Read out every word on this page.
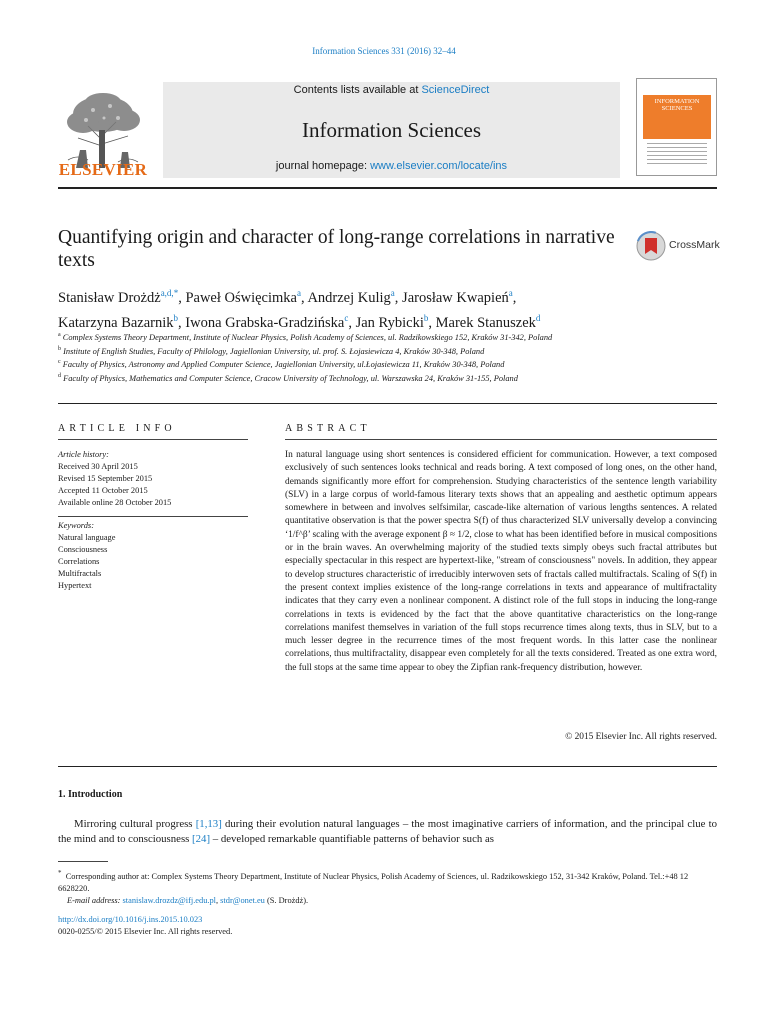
Information Sciences 331 (2016) 32–44
ELSEVIER
Contents lists available at ScienceDirect
Information Sciences
journal homepage: www.elsevier.com/locate/ins
INFORMATION SCIENCES
Quantifying origin and character of long-range correlations in narrative texts
CrossMark
Stanisław Drożdż$^{a,d,*}$, Paweł Oświęcimka$^a$, Andrzej Kulig$^a$, Jarosław Kwapień$^a$,
Katarzyna Bazarnik$^b$, Iwona Grabska-Gradzińska$^c$, Jan Rybicki$^b$, Marek Stanuszek$^d$
$^a$ Complex Systems Theory Department, Institute of Nuclear Physics, Polish Academy of Sciences, ul. Radzikowskiego 152, Kraków 31-342, Poland
$^b$ Institute of English Studies, Faculty of Philology, Jagiellonian University, ul. prof. S. Łojasiewicza 4, Kraków 30-348, Poland
$^c$ Faculty of Physics, Astronomy and Applied Computer Science, Jagiellonian University, ul.Łojasiewicza 11, Kraków 30-348, Poland
$^d$ Faculty of Physics, Mathematics and Computer Science, Cracow University of Technology, ul. Warszawska 24, Kraków 31-155, Poland
ARTICLE INFO
Article history:
Received 30 April 2015
Revised 15 September 2015
Accepted 11 October 2015
Available online 28 October 2015
Keywords:
Natural language
Consciousness
Correlations
Multifractals
Hypertext
ABSTRACT
In natural language using short sentences is considered efficient for communication. However, a text composed exclusively of such sentences looks technical and reads boring. A text composed of long ones, on the other hand, demands significantly more effort for comprehension. Studying characteristics of the sentence length variability (SLV) in a large corpus of world-famous literary texts shows that an appealing and aesthetic optimum appears somewhere in between and involves selfsimilar, cascade-like alternation of various lengths sentences. A related quantitative observation is that the power spectra S(f) of thus characterized SLV universally develop a convincing ‘1/f^β’ scaling with the average exponent β ≈ 1/2, close to what has been identified before in musical compositions or in the brain waves. An overwhelming majority of the studied texts simply obeys such fractal attributes but especially spectacular in this respect are hypertext-like, "stream of consciousness" novels. In addition, they appear to develop structures characteristic of irreducibly interwoven sets of fractals called multifractals. Scaling of S(f) in the present context implies existence of the long-range correlations in texts and appearance of multifractality indicates that they carry even a nonlinear component. A distinct role of the full stops in inducing the long-range correlations in texts is evidenced by the fact that the above quantitative characteristics on the long-range correlations manifest themselves in variation of the full stops recurrence times along texts, thus in SLV, but to a much lesser degree in the recurrence times of the most frequent words. In this latter case the nonlinear correlations, thus multifractality, disappear even completely for all the texts considered. Treated as one extra word, the full stops at the same time appear to obey the Zipfian rank-frequency distribution, however.
© 2015 Elsevier Inc. All rights reserved.
1. Introduction

Mirroring cultural progress [1,13] during their evolution natural languages – the most imaginative carriers of information, and the principal clue to the mind and to consciousness [24] – developed remarkable quantifiable patterns of behavior such as

* Corresponding author at: Complex Systems Theory Department, Institute of Nuclear Physics, Polish Academy of Sciences, ul. Radzikowskiego 152, 31-342 Kraków, Poland. Tel.:+48 12 6628220.
E-mail address: stanislaw.drozdz@ifj.edu.pl, stdr@onet.eu (S. Drożdż).
http://dx.doi.org/10.1016/j.ins.2015.10.023
0020-0255/© 2015 Elsevier Inc. All rights reserved.
